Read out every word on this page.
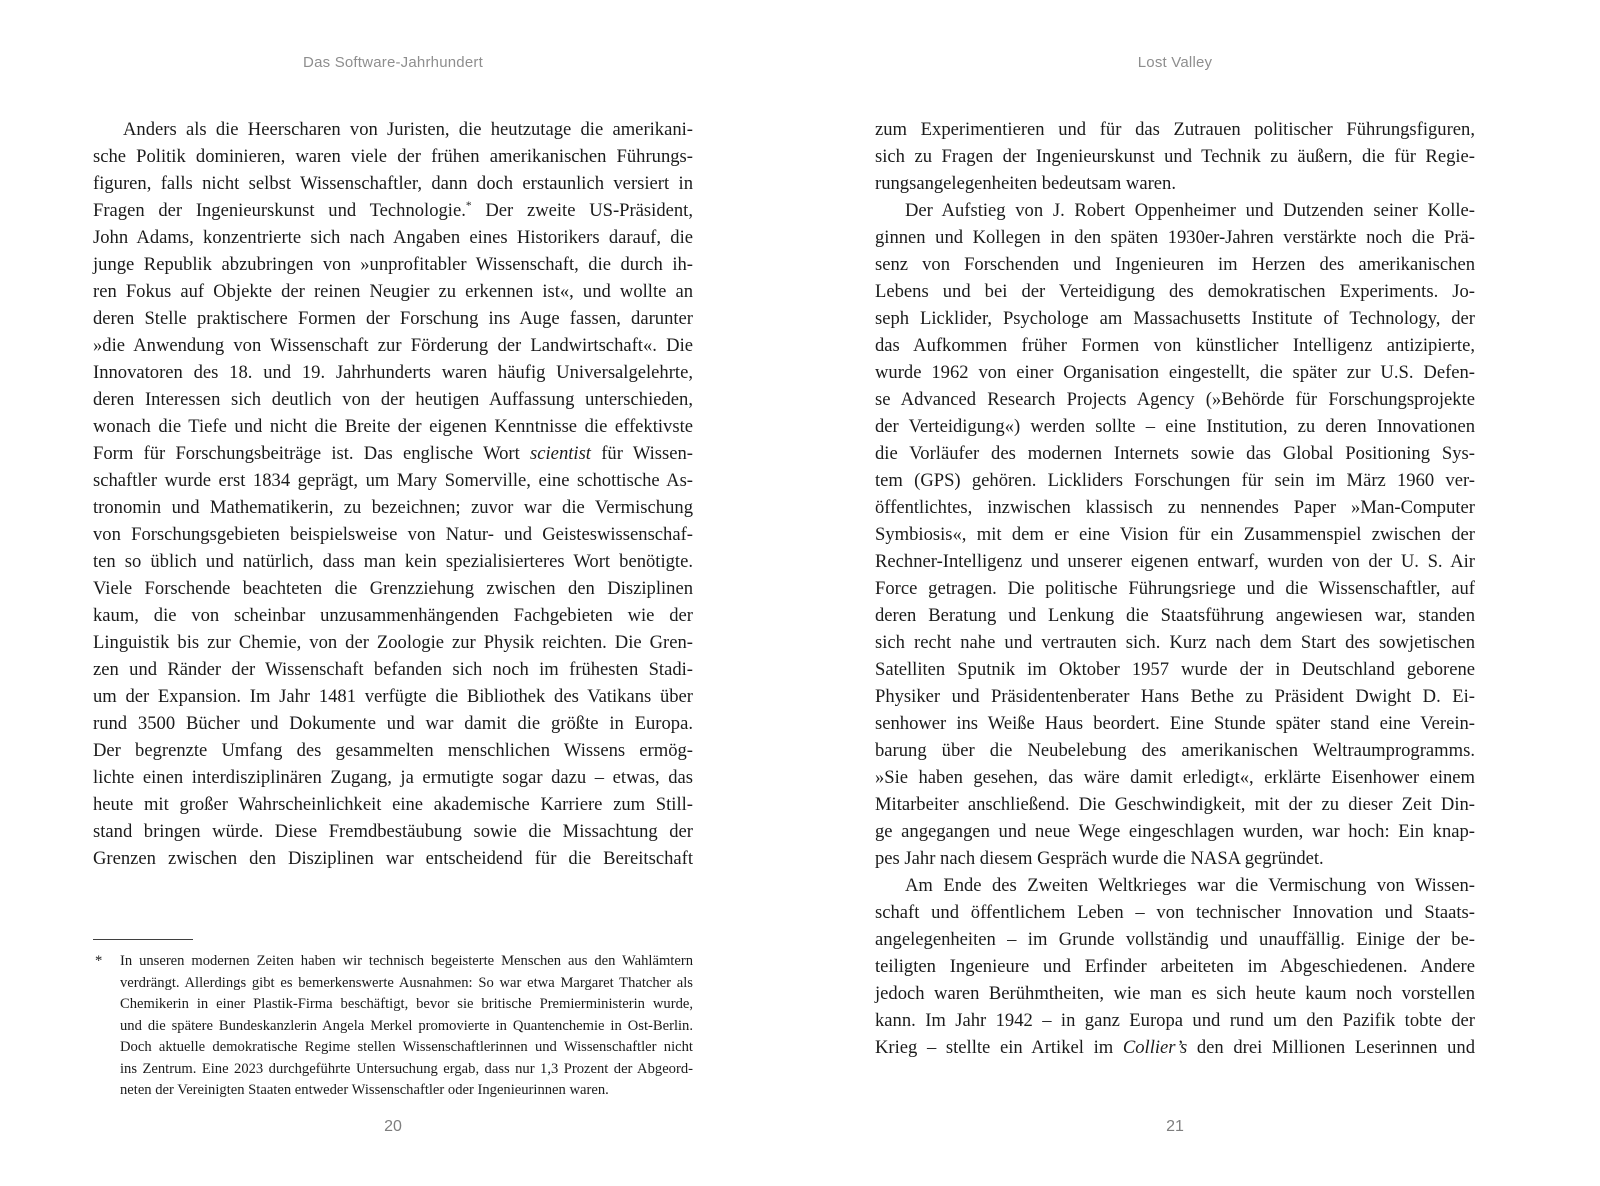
Das Software-Jahrhundert
Anders als die Heerscharen von Juristen, die heutzutage die amerikani-
sche Politik dominieren, waren viele der frühen amerikanischen Führungs-
figuren, falls nicht selbst Wissenschaftler, dann doch erstaunlich versiert in
Fragen der Ingenieurskunst und Technologie.* Der zweite US-Präsident,
John Adams, konzentrierte sich nach Angaben eines Historikers darauf, die
junge Republik abzubringen von »unprofitabler Wissenschaft, die durch ih-
ren Fokus auf Objekte der reinen Neugier zu erkennen ist«, und wollte an
deren Stelle praktischere Formen der Forschung ins Auge fassen, darunter
»die Anwendung von Wissenschaft zur Förderung der Landwirtschaft«. Die
Innovatoren des 18. und 19. Jahrhunderts waren häufig Universalgelehrte,
deren Interessen sich deutlich von der heutigen Auffassung unterschieden,
wonach die Tiefe und nicht die Breite der eigenen Kenntnisse die effektivste
Form für Forschungsbeiträge ist. Das englische Wort scientist für Wissen-
schaftler wurde erst 1834 geprägt, um Mary Somerville, eine schottische As-
tronomin und Mathematikerin, zu bezeichnen; zuvor war die Vermischung
von Forschungsgebieten beispielsweise von Natur- und Geisteswissenschaf-
ten so üblich und natürlich, dass man kein spezialisierteres Wort benötigte.
Viele Forschende beachteten die Grenzziehung zwischen den Disziplinen
kaum, die von scheinbar unzusammenhängenden Fachgebieten wie der
Linguistik bis zur Chemie, von der Zoologie zur Physik reichten. Die Gren-
zen und Ränder der Wissenschaft befanden sich noch im frühesten Stadi-
um der Expansion. Im Jahr 1481 verfügte die Bibliothek des Vatikans über
rund 3500 Bücher und Dokumente und war damit die größte in Europa.
Der begrenzte Umfang des gesammelten menschlichen Wissens ermög-
lichte einen interdisziplinären Zugang, ja ermutigte sogar dazu – etwas, das
heute mit großer Wahrscheinlichkeit eine akademische Karriere zum Still-
stand bringen würde. Diese Fremdbestäubung sowie die Missachtung der
Grenzen zwischen den Disziplinen war entscheidend für die Bereitschaft
* In unseren modernen Zeiten haben wir technisch begeisterte Menschen aus den Wahlämtern
verdrängt. Allerdings gibt es bemerkenswerte Ausnahmen: So war etwa Margaret Thatcher als
Chemikerin in einer Plastik-Firma beschäftigt, bevor sie britische Premierministerin wurde,
und die spätere Bundeskanzlerin Angela Merkel promovierte in Quantenchemie in Ost-Berlin.
Doch aktuelle demokratische Regime stellen Wissenschaftlerinnen und Wissenschaftler nicht
ins Zentrum. Eine 2023 durchgeführte Untersuchung ergab, dass nur 1,3 Prozent der Abgeord-
neten der Vereinigten Staaten entweder Wissenschaftler oder Ingenieurinnen waren.
20
Lost Valley
zum Experimentieren und für das Zutrauen politischer Führungsfiguren,
sich zu Fragen der Ingenieurskunst und Technik zu äußern, die für Regie-
rungsangelegenheiten bedeutsam waren.
Der Aufstieg von J. Robert Oppenheimer und Dutzenden seiner Kolle-
ginnen und Kollegen in den späten 1930er-Jahren verstärkte noch die Prä-
senz von Forschenden und Ingenieuren im Herzen des amerikanischen
Lebens und bei der Verteidigung des demokratischen Experiments. Jo-
seph Licklider, Psychologe am Massachusetts Institute of Technology, der
das Aufkommen früher Formen von künstlicher Intelligenz antizipierte,
wurde 1962 von einer Organisation eingestellt, die später zur U.S. Defen-
se Advanced Research Projects Agency (»Behörde für Forschungsprojekte
der Verteidigung«) werden sollte – eine Institution, zu deren Innovationen
die Vorläufer des modernen Internets sowie das Global Positioning Sys-
tem (GPS) gehören. Lickliders Forschungen für sein im März 1960 ver-
öffentlichtes, inzwischen klassisch zu nennendes Paper »Man-Computer
Symbiosis«, mit dem er eine Vision für ein Zusammenspiel zwischen der
Rechner-Intelligenz und unserer eigenen entwarf, wurden von der U. S. Air
Force getragen. Die politische Führungsriege und die Wissenschaftler, auf
deren Beratung und Lenkung die Staatsführung angewiesen war, standen
sich recht nahe und vertrauten sich. Kurz nach dem Start des sowjetischen
Satelliten Sputnik im Oktober 1957 wurde der in Deutschland geborene
Physiker und Präsidentenberater Hans Bethe zu Präsident Dwight D. Ei-
senhower ins Weiße Haus beordert. Eine Stunde später stand eine Verein-
barung über die Neubelebung des amerikanischen Weltraumprogramms.
»Sie haben gesehen, das wäre damit erledigt«, erklärte Eisenhower einem
Mitarbeiter anschließend. Die Geschwindigkeit, mit der zu dieser Zeit Din-
ge angegangen und neue Wege eingeschlagen wurden, war hoch: Ein knap-
pes Jahr nach diesem Gespräch wurde die NASA gegründet.
Am Ende des Zweiten Weltkrieges war die Vermischung von Wissen-
schaft und öffentlichem Leben – von technischer Innovation und Staats-
angelegenheiten – im Grunde vollständig und unauffällig. Einige der be-
teiligten Ingenieure und Erfinder arbeiteten im Abgeschiedenen. Andere
jedoch waren Berühmtheiten, wie man es sich heute kaum noch vorstellen
kann. Im Jahr 1942 – in ganz Europa und rund um den Pazifik tobte der
Krieg – stellte ein Artikel im Collier’s den drei Millionen Leserinnen und
21
